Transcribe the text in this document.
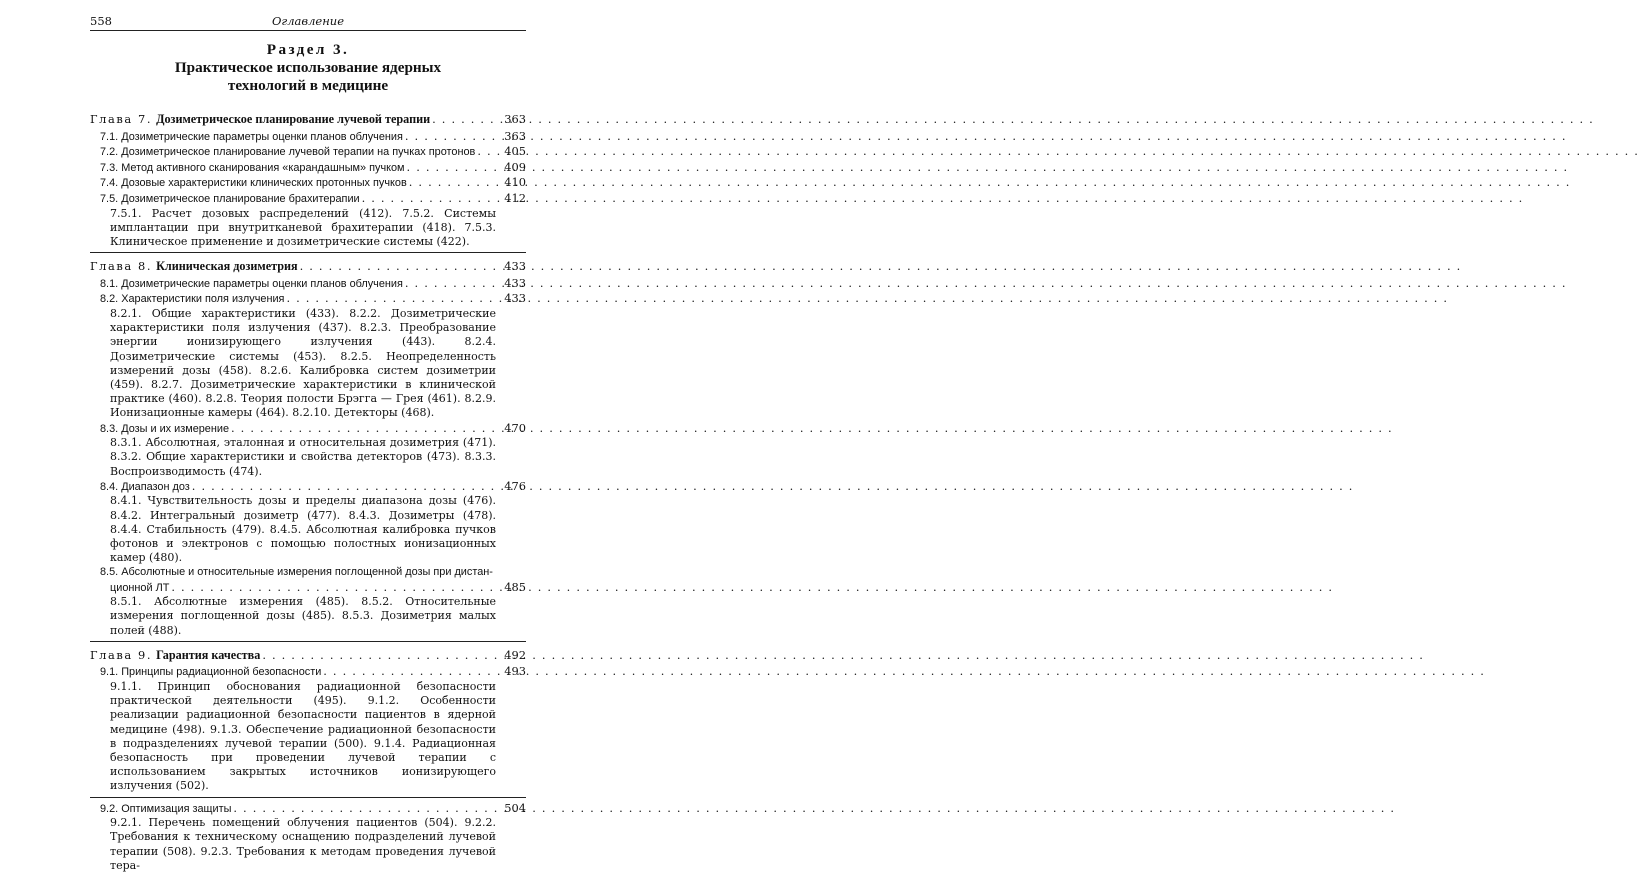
558	Оглавление
Раздел 3.
Практическое использование ядерных
технологий в медицине
Глава 7. Дозиметрическое планирование лучевой терапии . . .	363
7.1. Дозиметрические параметры оценки планов облучения . . .	363
7.2. Дозиметрическое планирование лучевой терапии на пучках протонов . . .	405
7.3. Метод активного сканирования «карандашным» пучком . . .	409
7.4. Дозовые характеристики клинических протонных пучков . . .	410
7.5. Дозиметрическое планирование брахитерапии . . .	412
7.5.1. Расчет дозовых распределений (412). 7.5.2. Системы имплантации при внутритканевой брахитерапии (418). 7.5.3. Клиническое применение и дозиметрические системы (422).
Глава 8. Клиническая дозиметрия . . .	433
8.1. Дозиметрические параметры оценки планов облучения . . .	433
8.2. Характеристики поля излучения . . .	433
8.2.1. Общие характеристики (433). 8.2.2. Дозиметрические характеристики поля излучения (437). 8.2.3. Преобразование энергии ионизирующего излучения (443). 8.2.4. Дозиметрические системы (453). 8.2.5. Неопределенность измерений дозы (458). 8.2.6. Калибровка систем дозиметрии (459). 8.2.7. Дозиметрические характеристики в клинической практике (460). 8.2.8. Теория полости Брэгга — Грея (461). 8.2.9. Ионизационные камеры (464). 8.2.10. Детекторы (468).
8.3. Дозы и их измерение . . .	470
8.3.1. Абсолютная, эталонная и относительная дозиметрия (471). 8.3.2. Общие характеристики и свойства детекторов (473). 8.3.3. Воспроизводимость (474).
8.4. Диапазон доз . . .	476
8.4.1. Чувствительность дозы и пределы диапазона дозы (476). 8.4.2. Интегральный дозиметр (477). 8.4.3. Дозиметры (478). 8.4.4. Стабильность (479). 8.4.5. Абсолютная калибровка пучков фотонов и электронов с помощью полостных ионизационных камер (480).
8.5. Абсолютные и относительные измерения поглощенной дозы при дистан-
ционной ЛТ . . .	485
8.5.1. Абсолютные измерения (485). 8.5.2. Относительные измерения поглощенной дозы (485). 8.5.3. Дозиметрия малых полей (488).
Глава 9. Гарантия качества . . .	492
9.1. Принципы радиационной безопасности . . .	493
9.1.1. Принцип обоснования радиационной безопасности практической деятельности (495). 9.1.2. Особенности реализации радиационной безопасности пациентов в ядерной медицине (498). 9.1.3. Обеспечение радиационной безопасности в подразделениях лучевой терапии (500). 9.1.4. Радиационная безопасность при проведении лучевой терапии с использованием закрытых источников ионизирующего излучения (502).
9.2. Оптимизация защиты . . .	504
9.2.1. Перечень помещений облучения пациентов (504). 9.2.2. Требования к техническому оснащению подразделений лучевой терапии (508). 9.2.3. Требования к методам проведения лучевой тера-
